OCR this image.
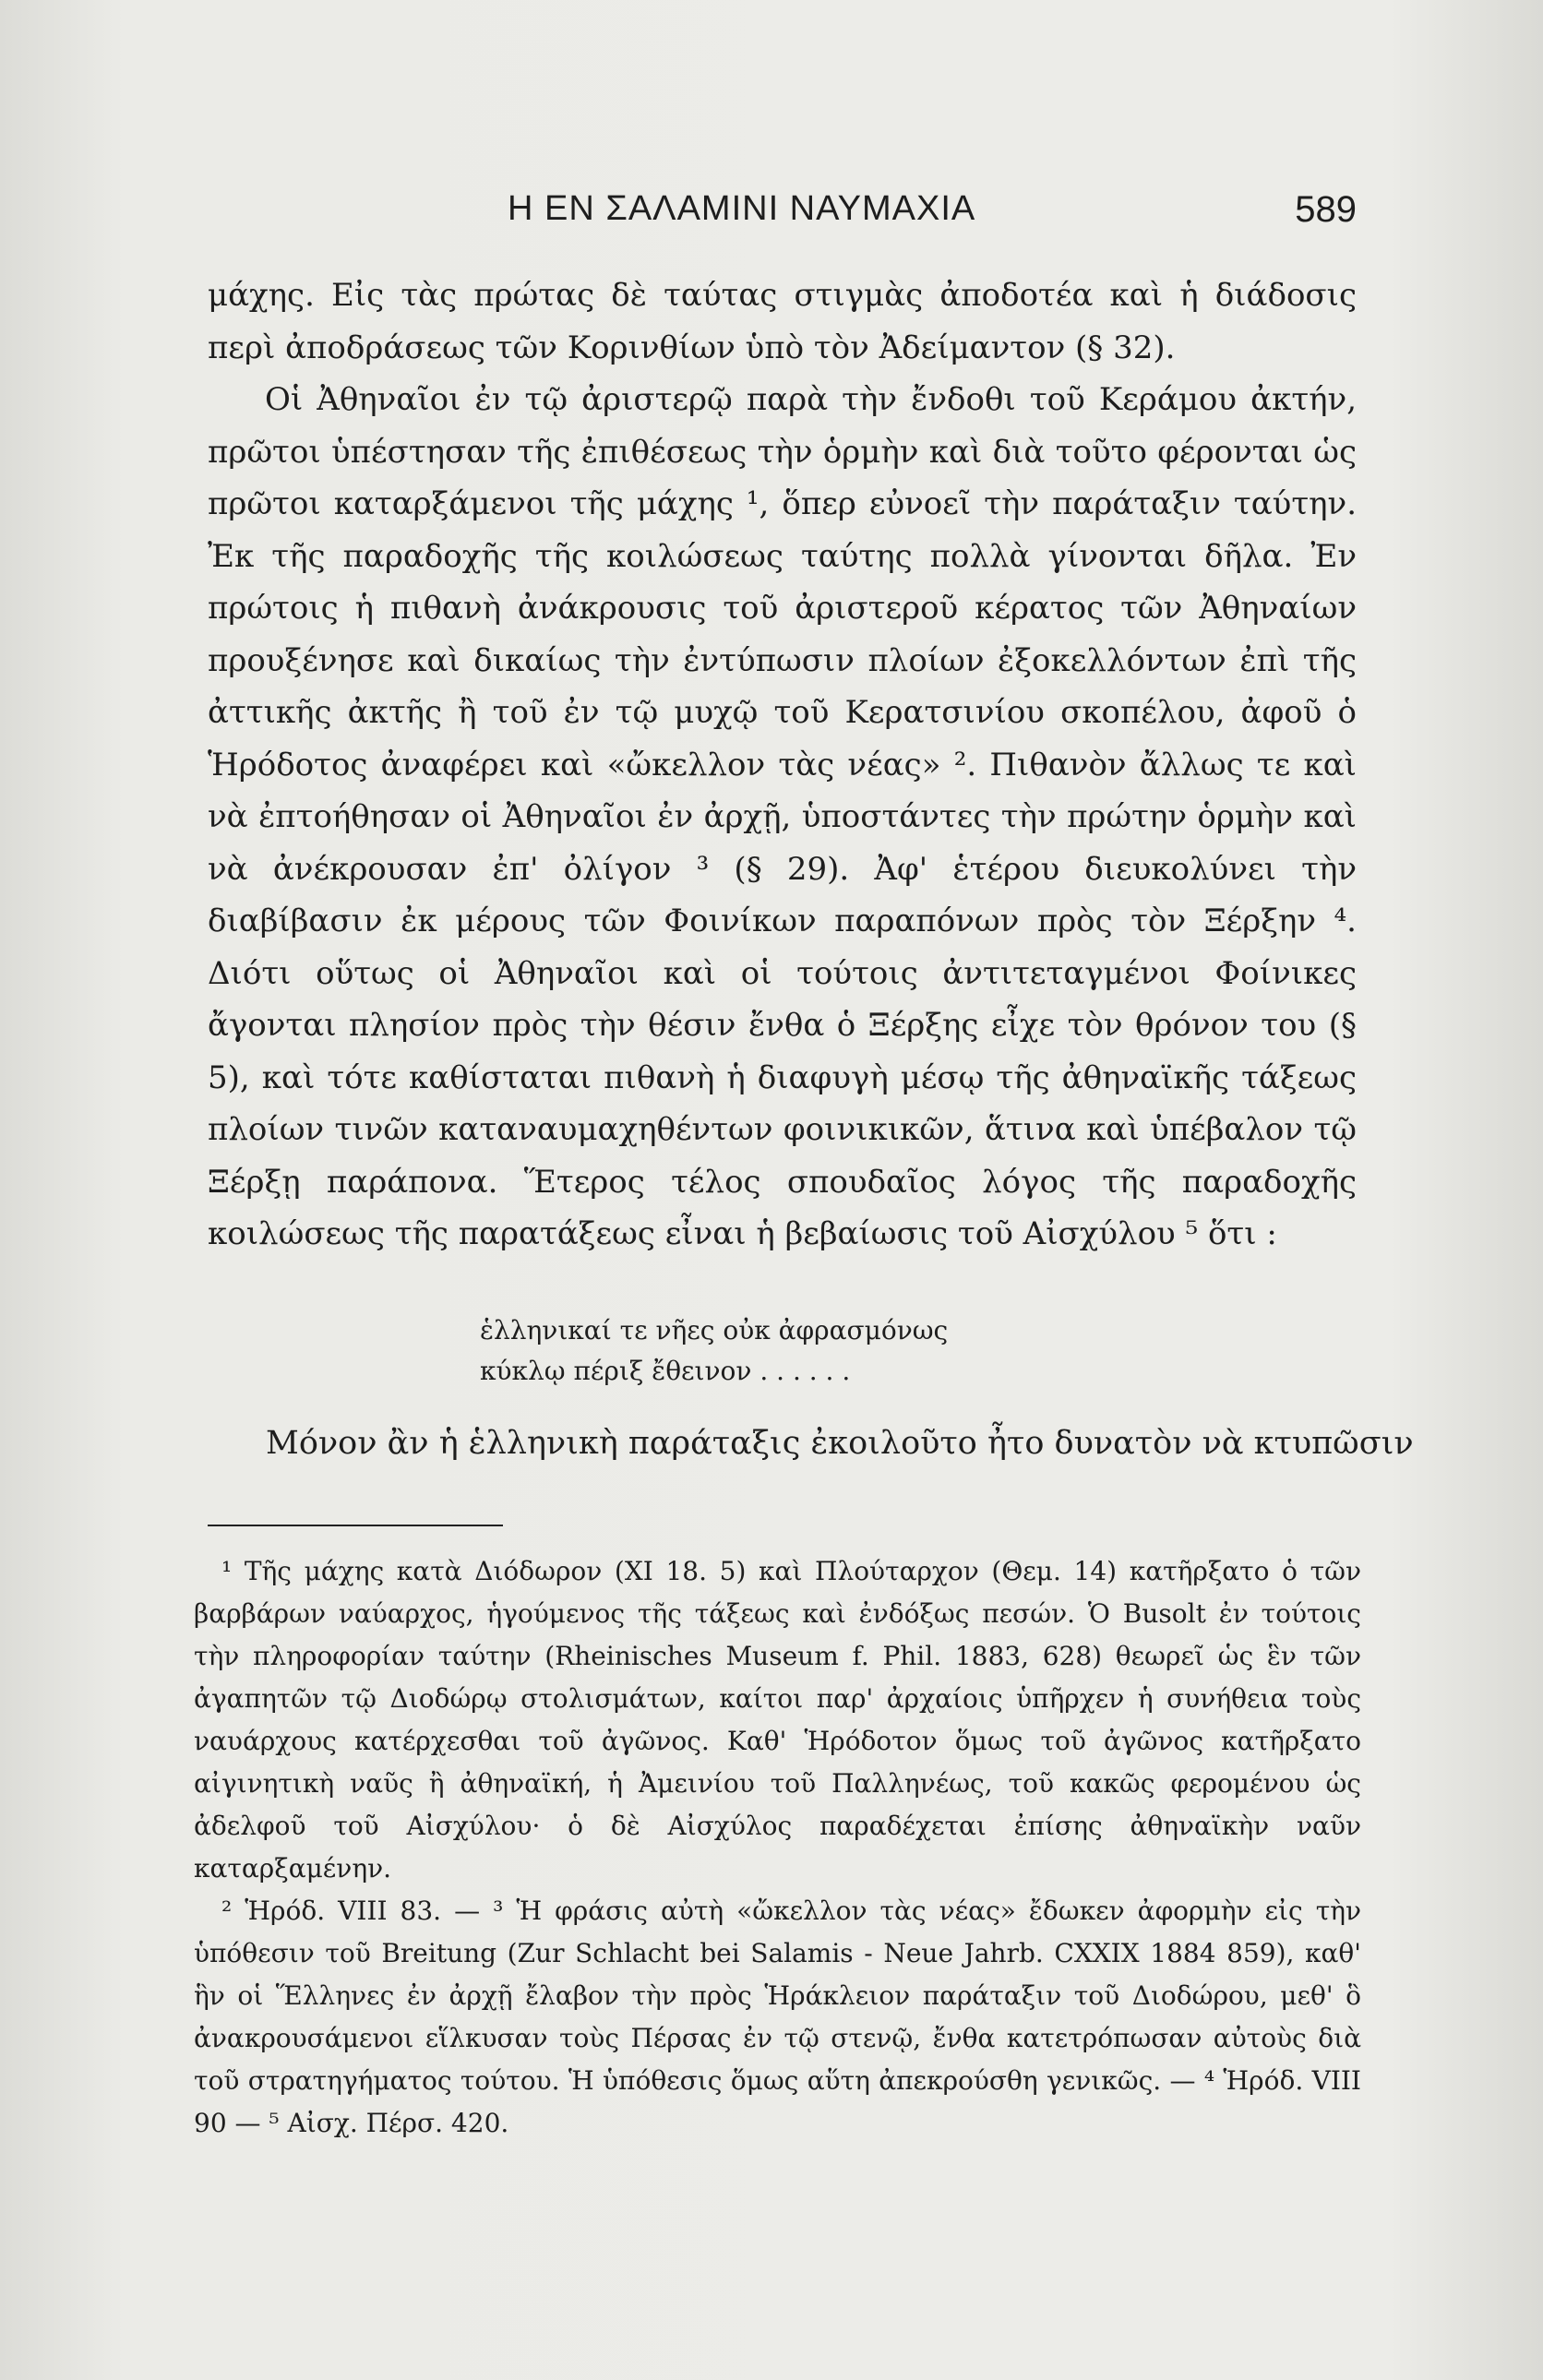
Η ΕΝ ΣΑΛΑΜΙΝΙ ΝΑΥΜΑΧΙΑ	589

μάχης. Εἰς τὰς πρώτας δὲ ταύτας στιγμὰς ἀποδοτέα καὶ ἡ διάδοσις περὶ ἀποδράσεως τῶν Κορινθίων ὑπὸ τὸν Ἀδείμαντον (§ 32).

Οἱ Ἀθηναῖοι ἐν τῷ ἀριστερῷ παρὰ τὴν ἔνδοθι τοῦ Κεράμου ἀκτήν, πρῶτοι ὑπέστησαν τῆς ἐπιθέσεως τὴν ὁρμὴν καὶ διὰ τοῦτο φέρονται ὡς πρῶτοι καταρξάμενοι τῆς μάχης ¹, ὅπερ εὐνοεῖ τὴν παράταξιν ταύτην. Ἐκ τῆς παραδοχῆς τῆς κοιλώσεως ταύτης πολλὰ γίνονται δῆλα. Ἐν πρώτοις ἡ πιθανὴ ἀνάκρουσις τοῦ ἀριστεροῦ κέρατος τῶν Ἀθηναίων προυξένησε καὶ δικαίως τὴν ἐντύπωσιν πλοίων ἐξοκελλόντων ἐπὶ τῆς ἀττικῆς ἀκτῆς ἢ τοῦ ἐν τῷ μυχῷ τοῦ Κερατσινίου σκοπέλου, ἀφοῦ ὁ Ἡρόδοτος ἀναφέρει καὶ «ὤκελλον τὰς νέας» ². Πιθανὸν ἄλλως τε καὶ νὰ ἐπτοήθησαν οἱ Ἀθηναῖοι ἐν ἀρχῇ, ὑποστάντες τὴν πρώτην ὁρμὴν καὶ νὰ ἀνέκρουσαν ἐπ' ὀλίγον ³ (§ 29). Ἀφ' ἑτέρου διευκολύνει τὴν διαβίβασιν ἐκ μέρους τῶν Φοινίκων παραπόνων πρὸς τὸν Ξέρξην ⁴. Διότι οὕτως οἱ Ἀθηναῖοι καὶ οἱ τούτοις ἀντιτεταγμένοι Φοίνικες ἄγονται πλησίον πρὸς τὴν θέσιν ἔνθα ὁ Ξέρξης εἶχε τὸν θρόνον του (§ 5), καὶ τότε καθίσταται πιθανὴ ἡ διαφυγὴ μέσῳ τῆς ἀθηναϊκῆς τάξεως πλοίων τινῶν καταναυμαχηθέντων φοινικικῶν, ἅτινα καὶ ὑπέβαλον τῷ Ξέρξῃ παράπονα. Ἕτερος τέλος σπουδαῖος λόγος τῆς παραδοχῆς κοιλώσεως τῆς παρατάξεως εἶναι ἡ βεβαίωσις τοῦ Αἰσχύλου ⁵ ὅτι :

ἑλληνικαί τε νῆες οὐκ ἀφρασμόνως
κύκλῳ πέριξ ἔθεινον . . . . . .
Μόνον ἂν ἡ ἑλληνικὴ παράταξις ἐκοιλοῦτο ἦτο δυνατὸν νὰ κτυπῶσιν

¹ Τῆς μάχης κατὰ Διόδωρον (XI 18. 5) καὶ Πλούταρχον (Θεμ. 14) κατῆρξατο ὁ τῶν βαρβάρων ναύαρχος, ἡγούμενος τῆς τάξεως καὶ ἐνδόξως πεσών. Ὁ Busolt ἐν τούτοις τὴν πληροφορίαν ταύτην (Rheinisches Museum f. Phil. 1883, 628) θεωρεῖ ὡς ἓν τῶν ἀγαπητῶν τῷ Διοδώρῳ στολισμάτων, καίτοι παρ' ἀρχαίοις ὑπῆρχεν ἡ συνήθεια τοὺς ναυάρχους κατέρχεσθαι τοῦ ἀγῶνος. Καθ' Ἡρόδοτον ὅμως τοῦ ἀγῶνος κατῆρξατο αἰγινητικὴ ναῦς ἢ ἀθηναϊκή, ἡ Ἀμεινίου τοῦ Παλληνέως, τοῦ κακῶς φερομένου ὡς ἀδελφοῦ τοῦ Αἰσχύλου· ὁ δὲ Αἰσχύλος παραδέχεται ἐπίσης ἀθηναϊκὴν ναῦν καταρξαμένην.

² Ἡρόδ. VIII 83. — ³ Ἡ φράσις αὐτὴ «ὤκελλον τὰς νέας» ἔδωκεν ἀφορμὴν εἰς τὴν ὑπόθεσιν τοῦ Breitung (Zur Schlacht bei Salamis - Neue Jahrb. CXXIX 1884 859), καθ' ἣν οἱ Ἕλληνες ἐν ἀρχῇ ἔλαβον τὴν πρὸς Ἡράκλειον παράταξιν τοῦ Διοδώρου, μεθ' ὃ ἀνακρουσάμενοι εἵλκυσαν τοὺς Πέρσας ἐν τῷ στενῷ, ἔνθα κατετρόπωσαν αὐτοὺς διὰ τοῦ στρατηγήματος τούτου. Ἡ ὑπόθεσις ὅμως αὕτη ἀπεκρούσθη γενικῶς. — ⁴ Ἡρόδ. VIII 90 — ⁵ Αἰσχ. Πέρσ. 420.
